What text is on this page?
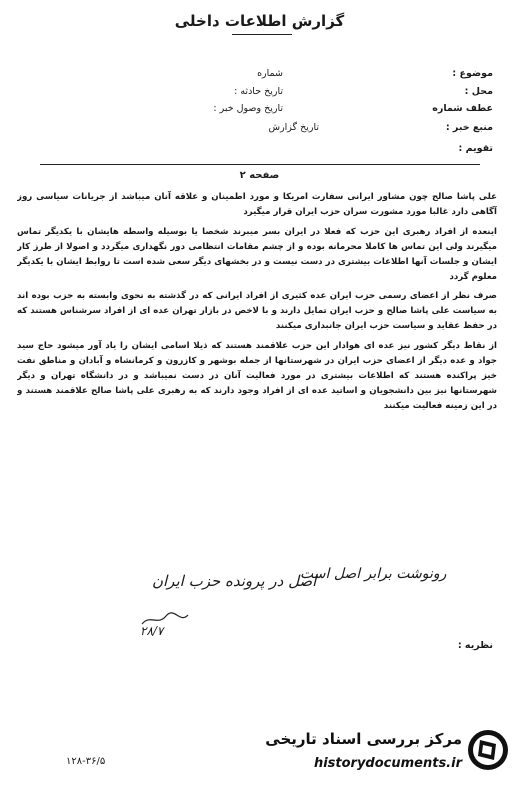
گزارش اطلاعات داخلی
موضوع :
محل :
عطف شماره
منبع خبر :
تقویم :
شماره
تاریخ حادثه :
تاریخ وصول خبر :
تاریخ گزارش
صفحه ۲

علی پاشا صالح چون مشاور ایرانی سفارت امریکا و مورد اطمینان و علاقه آنان میباشد از جریانات سیاسی روز آگاهی دارد غالبا مورد مشورت سران حزب ایران قرار میگیرد

اینعده از افراد رهبری این حزب که فعلا در ایران بسر میبرند شخصا یا بوسیله واسطه هایشان با یکدیگر تماس میگیرند ولی این تماس ها کاملا محرمانه بوده و از چشم مقامات انتظامی دور نگهداری میگردد و اصولا از طرز کار ایشان و جلسات آنها اطلاعات بیشتری در دست نیست و در بخشهای دیگر سعی شده است تا روابط ایشان با یکدیگر معلوم گردد

صرف نظر از اعضای رسمی حزب ایران عده کثیری از افراد ایرانی که در گذشته به نحوی وابسته به حزب بوده اند به سیاست علی پاشا صالح و حزب ایران تمایل دارند و با لاخص در بازار تهران عده ای از افراد سرشناس هستند که در حفظ عقاید و سیاست حزب ایران جانبداری میکنند

از نقاط دیگر کشور نیز عده ای هوادار این حزب علاقمند هستند که ذیلا اسامی ایشان را یاد آور میشود حاج سید جواد و عده دیگر از اعضای حزب ایران در شهرستانها از جمله بوشهر و کازرون و کرمانشاه و آبادان و مناطق نفت خیز پراکنده هستند که اطلاعات بیشتری در مورد فعالیت آنان در دست نمیباشد و در دانشگاه تهران و دیگر شهرستانها نیز بین دانشجویان و اساتید عده ای از افراد وجود دارند که به رهبری علی پاشا صالح علاقمند هستند و در این زمینه فعالیت میکنند

رونوشت برابر اصل است
اصل در پرونده حزب ایران
۲۸/۷
نظریه :
۱۲۸-۳۶/۵
مرکز بررسی اسناد تاریخی
historydocuments.ir
